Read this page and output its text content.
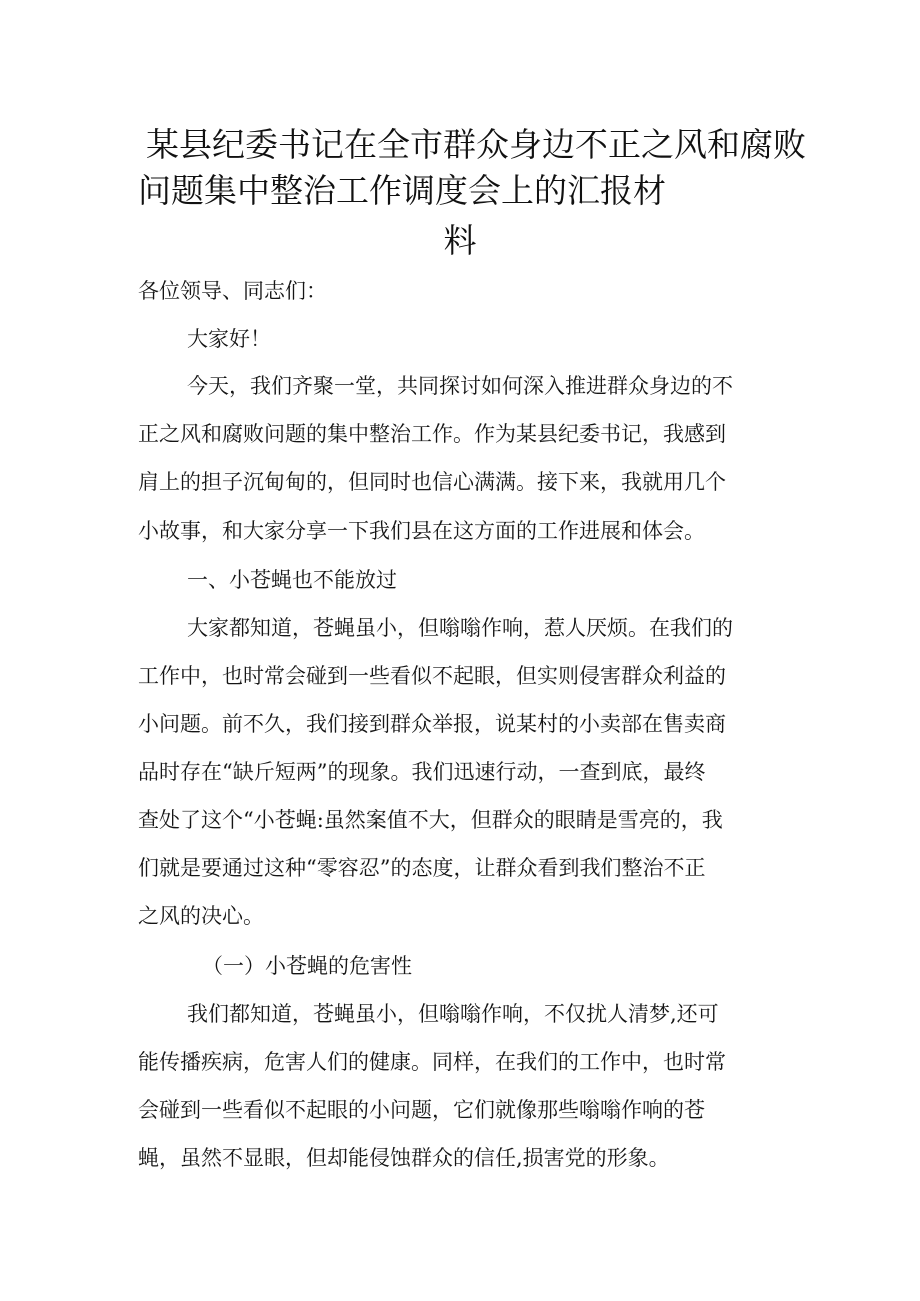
某县纪委书记在全市群众身边不正之风和腐败
问题集中整治工作调度会上的汇报材
料
各位领导、同志们：
大家好！
今天，我们齐聚一堂，共同探讨如何深入推进群众身边的不
正之风和腐败问题的集中整治工作。作为某县纪委书记，我感到
肩上的担子沉甸甸的，但同时也信心满满。接下来，我就用几个
小故事，和大家分享一下我们县在这方面的工作进展和体会。
一、小苍蝇也不能放过
大家都知道，苍蝇虽小，但嗡嗡作响，惹人厌烦。在我们的
工作中，也时常会碰到一些看似不起眼，但实则侵害群众利益的
小问题。前不久，我们接到群众举报，说某村的小卖部在售卖商
品时存在“缺斤短两”的现象。我们迅速行动，一查到底，最终
查处了这个“小苍蝇:虽然案值不大，但群众的眼睛是雪亮的，我
们就是要通过这种“零容忍”的态度，让群众看到我们整治不正
之风的决心。
（一）小苍蝇的危害性
我们都知道，苍蝇虽小，但嗡嗡作响，不仅扰人清梦,还可
能传播疾病，危害人们的健康。同样，在我们的工作中，也时常
会碰到一些看似不起眼的小问题，它们就像那些嗡嗡作响的苍
蝇，虽然不显眼，但却能侵蚀群众的信任,损害党的形象。
